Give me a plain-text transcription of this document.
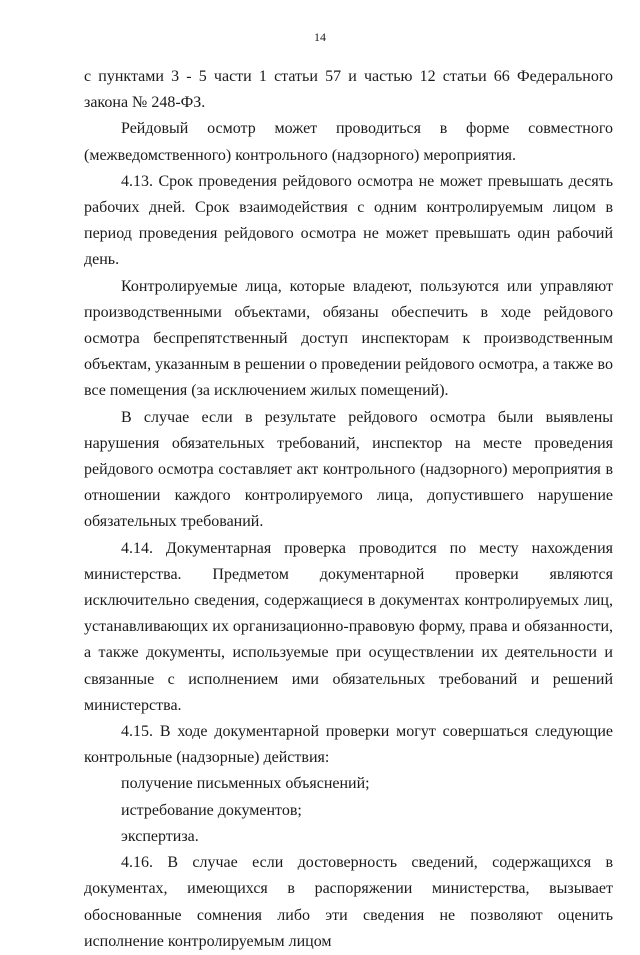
14

с пунктами 3 - 5 части 1 статьи 57 и частью 12 статьи 66 Федерального закона № 248-ФЗ.

Рейдовый осмотр может проводиться в форме совместного (межведомственного) контрольного (надзорного) мероприятия.

4.13. Срок проведения рейдового осмотра не может превышать десять рабочих дней. Срок взаимодействия с одним контролируемым лицом в период проведения рейдового осмотра не может превышать один рабочий день.

Контролируемые лица, которые владеют, пользуются или управляют производственными объектами, обязаны обеспечить в ходе рейдового осмотра беспрепятственный доступ инспекторам к производственным объектам, указанным в решении о проведении рейдового осмотра, а также во все помещения (за исключением жилых помещений).

В случае если в результате рейдового осмотра были выявлены нарушения обязательных требований, инспектор на месте проведения рейдового осмотра составляет акт контрольного (надзорного) мероприятия в отношении каждого контролируемого лица, допустившего нарушение обязательных требований.

4.14. Документарная проверка проводится по месту нахождения министерства. Предметом документарной проверки являются исключительно сведения, содержащиеся в документах контролируемых лиц, устанавливающих их организационно-правовую форму, права и обязанности, а также документы, используемые при осуществлении их деятельности и связанные с исполнением ими обязательных требований и решений министерства.

4.15. В ходе документарной проверки могут совершаться следующие контрольные (надзорные) действия:

получение письменных объяснений;

истребование документов;

экспертиза.

4.16. В случае если достоверность сведений, содержащихся в документах, имеющихся в распоряжении министерства, вызывает обоснованные сомнения либо эти сведения не позволяют оценить исполнение контролируемым лицом
